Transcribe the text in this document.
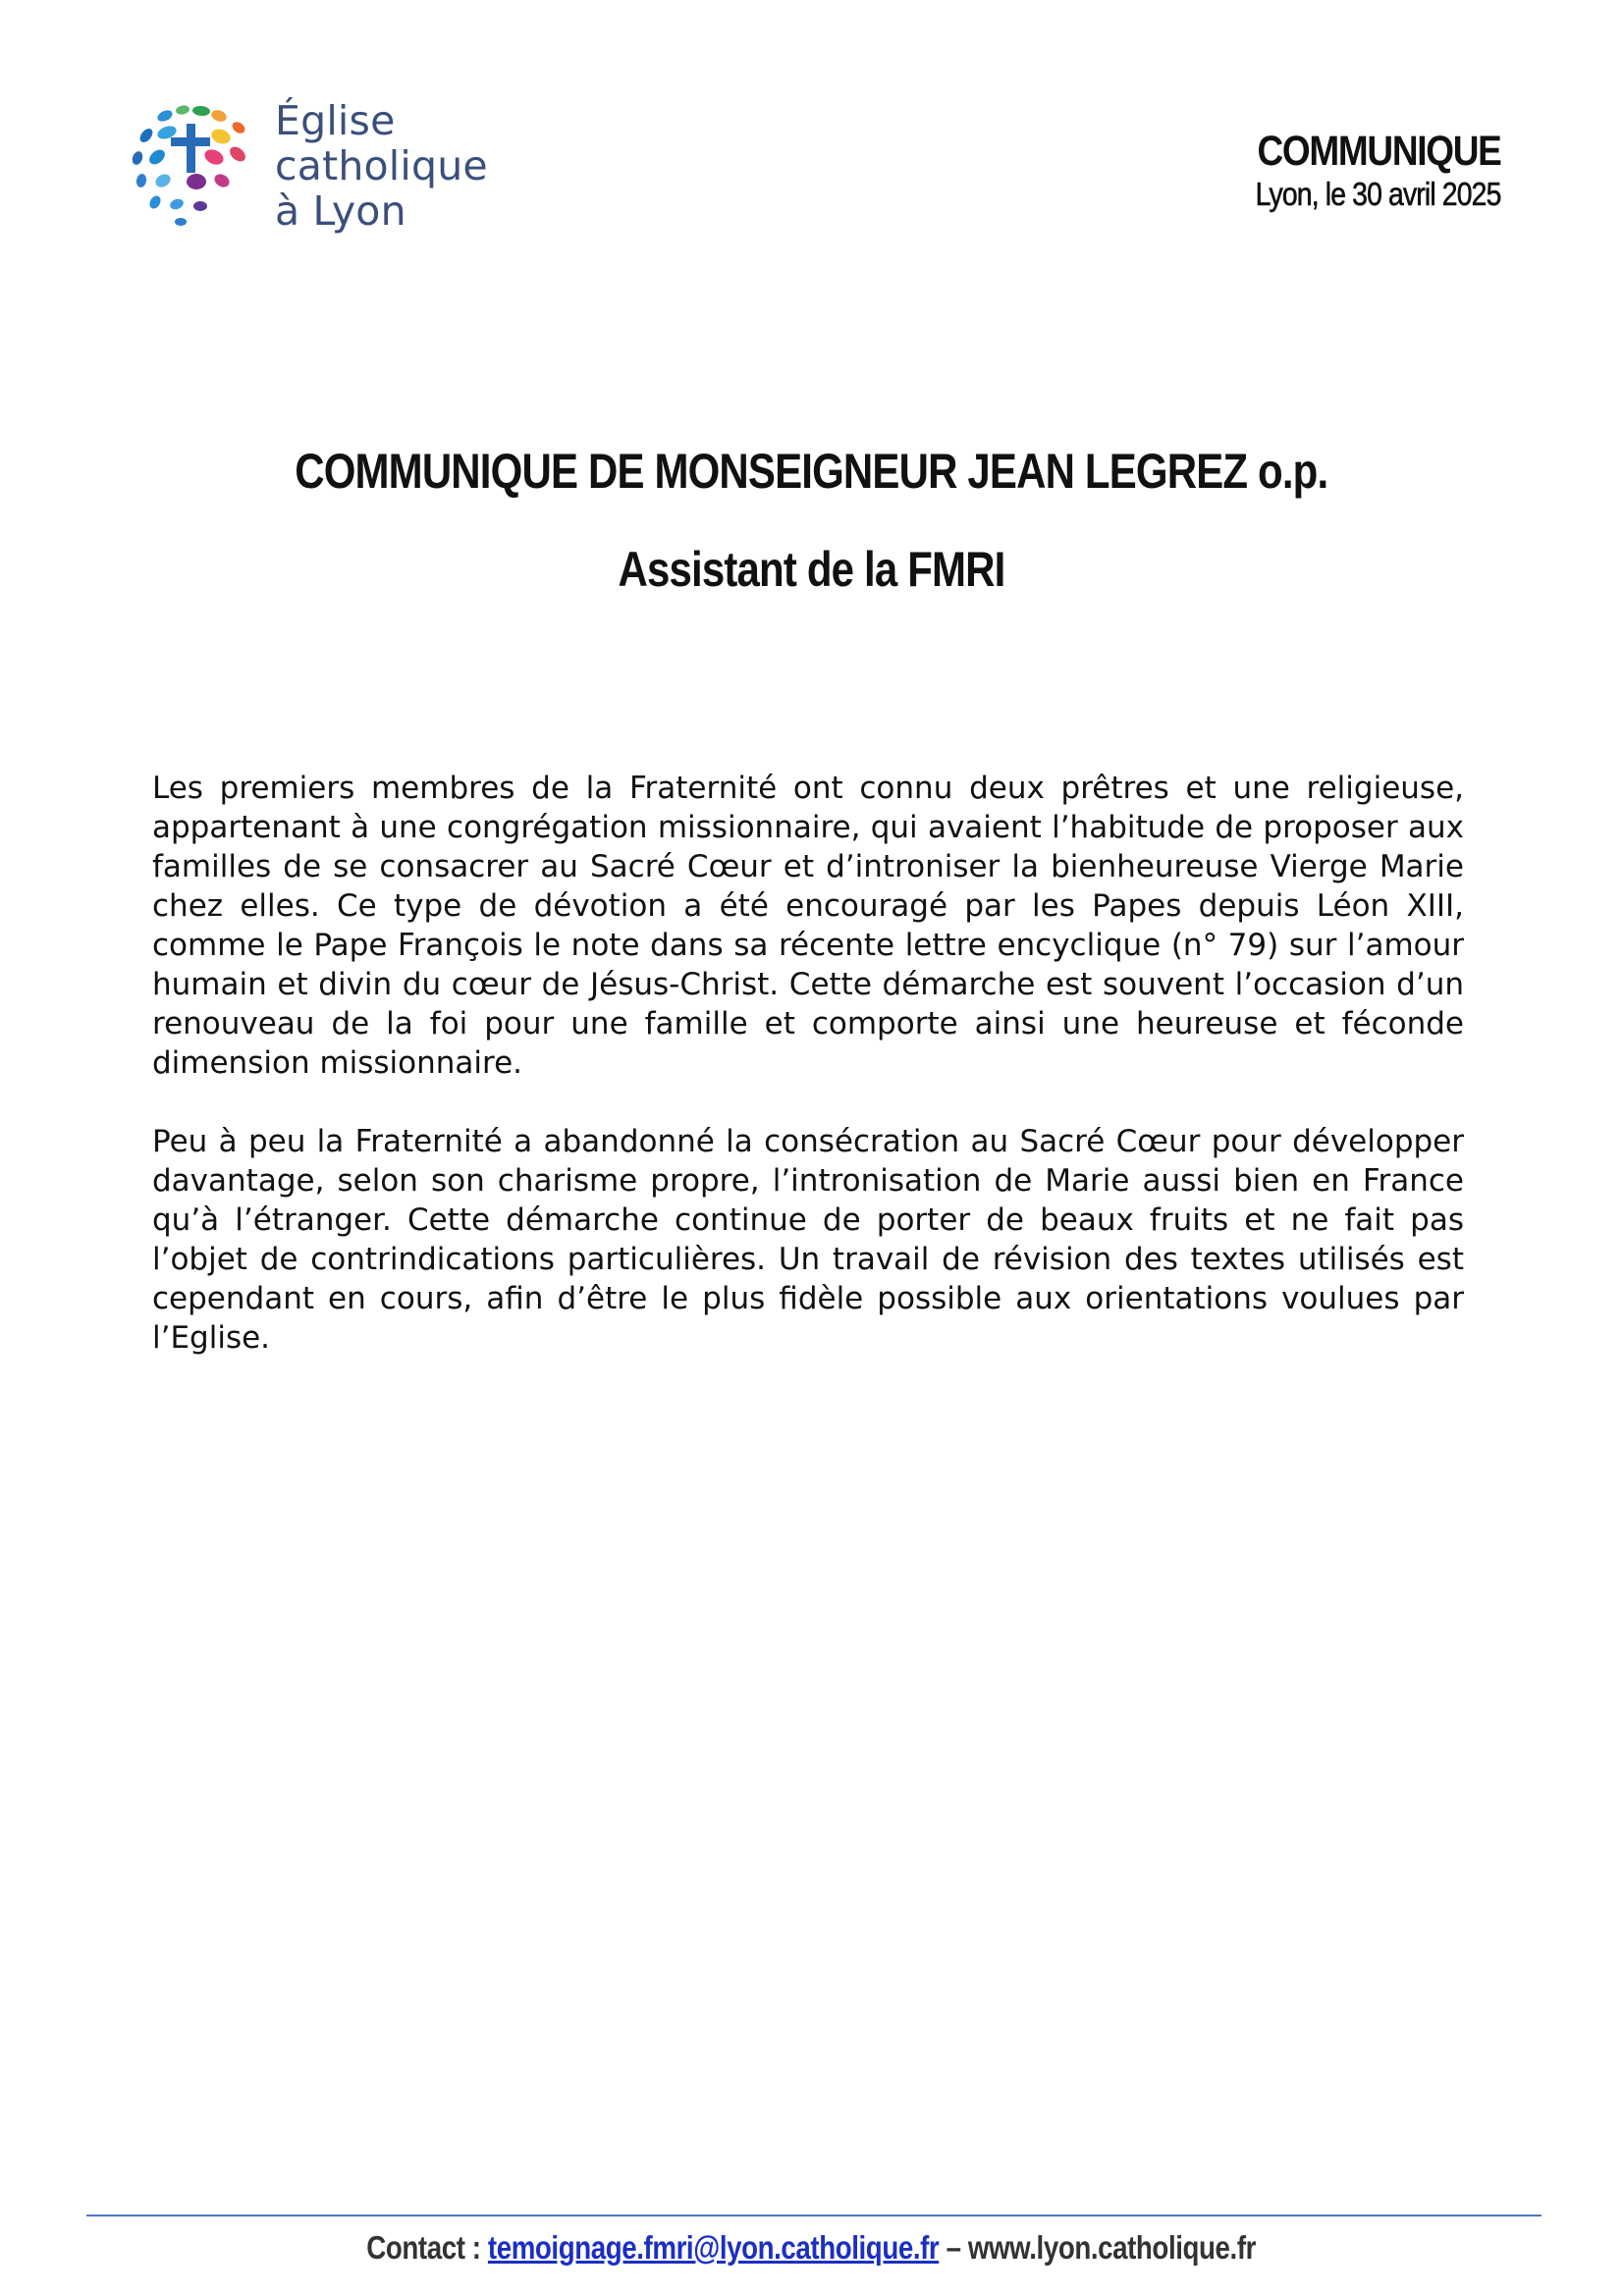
Église
catholique
à Lyon
COMMUNIQUE
Lyon, le 30 avril 2025
COMMUNIQUE DE MONSEIGNEUR JEAN LEGREZ o.p.
Assistant de la FMRI

Les premiers membres de la Fraternité ont connu deux prêtres et une religieuse, appartenant à une congrégation missionnaire, qui avaient l’habitude de proposer aux familles de se consacrer au Sacré Cœur et d’introniser la bienheureuse Vierge Marie chez elles. Ce type de dévotion a été encouragé par les Papes depuis Léon XIII, comme le Pape François le note dans sa récente lettre encyclique (n° 79) sur l’amour humain et divin du cœur de Jésus-Christ. Cette démarche est souvent l’occasion d’un renouveau de la foi pour une famille et comporte ainsi une heureuse et féconde dimension missionnaire.

Peu à peu la Fraternité a abandonné la consécration au Sacré Cœur pour développer davantage, selon son charisme propre, l’intronisation de Marie aussi bien en France qu’à l’étranger. Cette démarche continue de porter de beaux fruits et ne fait pas l’objet de contrindications particulières. Un travail de révision des textes utilisés est cependant en cours, afin d’être le plus fidèle possible aux orientations voulues par l’Eglise.

Contact : temoignage.fmri@lyon.catholique.fr – www.lyon.catholique.fr
